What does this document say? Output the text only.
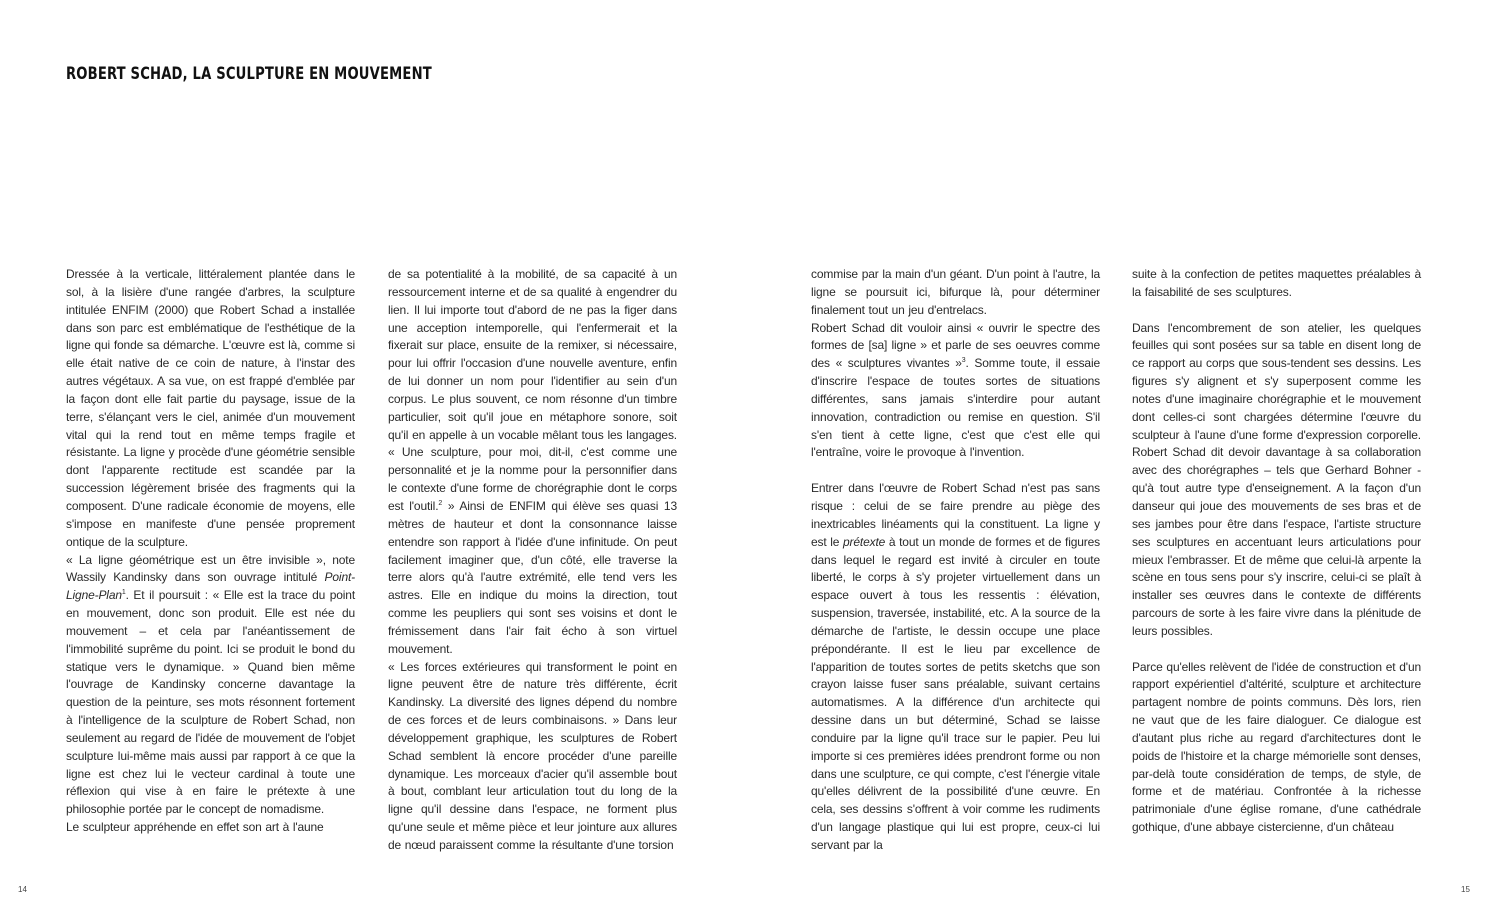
ROBERT SCHAD, LA SCULPTURE EN MOUVEMENT

Dressée à la verticale, littéralement plantée dans le sol, à la lisière d'une rangée d'arbres, la sculpture intitulée ENFIM (2000) que Robert Schad a installée dans son parc est emblématique de l'esthétique de la ligne qui fonde sa démarche. L'œuvre est là, comme si elle était native de ce coin de nature, à l'instar des autres végétaux. A sa vue, on est frappé d'emblée par la façon dont elle fait partie du paysage, issue de la terre, s'élançant vers le ciel, animée d'un mouvement vital qui la rend tout en même temps fragile et résistante. La ligne y procède d'une géométrie sensible dont l'apparente rectitude est scandée par la succession légèrement brisée des fragments qui la composent. D'une radicale économie de moyens, elle s'impose en manifeste d'une pensée proprement ontique de la sculpture.

« La ligne géométrique est un être invisible », note Wassily Kandinsky dans son ouvrage intitulé Point-Ligne-Plan$^1$. Et il poursuit : « Elle est la trace du point en mouvement, donc son produit. Elle est née du mouvement – et cela par l'anéantissement de l'immobilité suprême du point. Ici se produit le bond du statique vers le dynamique. » Quand bien même l'ouvrage de Kandinsky concerne davantage la question de la peinture, ses mots résonnent fortement à l'intelligence de la sculpture de Robert Schad, non seulement au regard de l'idée de mouvement de l'objet sculpture lui-même mais aussi par rapport à ce que la ligne est chez lui le vecteur cardinal à toute une réflexion qui vise à en faire le prétexte à une philosophie portée par le concept de nomadisme.

Le sculpteur appréhende en effet son art à l'aune

de sa potentialité à la mobilité, de sa capacité à un ressourcement interne et de sa qualité à engendrer du lien. Il lui importe tout d'abord de ne pas la figer dans une acception intemporelle, qui l'enfermerait et la fixerait sur place, ensuite de la remixer, si nécessaire, pour lui offrir l'occasion d'une nouvelle aventure, enfin de lui donner un nom pour l'identifier au sein d'un corpus. Le plus souvent, ce nom résonne d'un timbre particulier, soit qu'il joue en métaphore sonore, soit qu'il en appelle à un vocable mêlant tous les langages. « Une sculpture, pour moi, dit-il, c'est comme une personnalité et je la nomme pour la personnifier dans le contexte d'une forme de chorégraphie dont le corps est l'outil.$^2$ » Ainsi de ENFIM qui élève ses quasi 13 mètres de hauteur et dont la consonnance laisse entendre son rapport à l'idée d'une infinitude. On peut facilement imaginer que, d'un côté, elle traverse la terre alors qu'à l'autre extrémité, elle tend vers les astres. Elle en indique du moins la direction, tout comme les peupliers qui sont ses voisins et dont le frémissement dans l'air fait écho à son virtuel mouvement.

« Les forces extérieures qui transforment le point en ligne peuvent être de nature très différente, écrit Kandinsky. La diversité des lignes dépend du nombre de ces forces et de leurs combinaisons. » Dans leur développement graphique, les sculptures de Robert Schad semblent là encore procéder d'une pareille dynamique. Les morceaux d'acier qu'il assemble bout à bout, comblant leur articulation tout du long de la ligne qu'il dessine dans l'espace, ne forment plus qu'une seule et même pièce et leur jointure aux allures de nœud paraissent comme la résultante d'une torsion

commise par la main d'un géant. D'un point à l'autre, la ligne se poursuit ici, bifurque là, pour déterminer finalement tout un jeu d'entrelacs.

Robert Schad dit vouloir ainsi « ouvrir le spectre des formes de [sa] ligne » et parle de ses oeuvres comme des « sculptures vivantes »$^3$. Somme toute, il essaie d'inscrire l'espace de toutes sortes de situations différentes, sans jamais s'interdire pour autant innovation, contradiction ou remise en question. S'il s'en tient à cette ligne, c'est que c'est elle qui l'entraîne, voire le provoque à l'invention.

Entrer dans l'œuvre de Robert Schad n'est pas sans risque : celui de se faire prendre au piège des inextricables linéaments qui la constituent. La ligne y est le prétexte à tout un monde de formes et de figures dans lequel le regard est invité à circuler en toute liberté, le corps à s'y projeter virtuellement dans un espace ouvert à tous les ressentis : élévation, suspension, traversée, instabilité, etc. A la source de la démarche de l'artiste, le dessin occupe une place prépondérante. Il est le lieu par excellence de l'apparition de toutes sortes de petits sketchs que son crayon laisse fuser sans préalable, suivant certains automatismes. A la différence d'un architecte qui dessine dans un but déterminé, Schad se laisse conduire par la ligne qu'il trace sur le papier. Peu lui importe si ces premières idées prendront forme ou non dans une sculpture, ce qui compte, c'est l'énergie vitale qu'elles délivrent de la possibilité d'une œuvre. En cela, ses dessins s'offrent à voir comme les rudiments d'un langage plastique qui lui est propre, ceux-ci lui servant par la

suite à la confection de petites maquettes préalables à la faisabilité de ses sculptures.

Dans l'encombrement de son atelier, les quelques feuilles qui sont posées sur sa table en disent long de ce rapport au corps que sous-tendent ses dessins. Les figures s'y alignent et s'y superposent comme les notes d'une imaginaire chorégraphie et le mouvement dont celles-ci sont chargées détermine l'œuvre du sculpteur à l'aune d'une forme d'expression corporelle. Robert Schad dit devoir davantage à sa collaboration avec des chorégraphes – tels que Gerhard Bohner - qu'à tout autre type d'enseignement. A la façon d'un danseur qui joue des mouvements de ses bras et de ses jambes pour être dans l'espace, l'artiste structure ses sculptures en accentuant leurs articulations pour mieux l'embrasser. Et de même que celui-là arpente la scène en tous sens pour s'y inscrire, celui-ci se plaît à installer ses œuvres dans le contexte de différents parcours de sorte à les faire vivre dans la plénitude de leurs possibles.

Parce qu'elles relèvent de l'idée de construction et d'un rapport expérientiel d'altérité, sculpture et architecture partagent nombre de points communs. Dès lors, rien ne vaut que de les faire dialoguer. Ce dialogue est d'autant plus riche au regard d'architectures dont le poids de l'histoire et la charge mémorielle sont denses, par-delà toute considération de temps, de style, de forme et de matériau. Confrontée à la richesse patrimoniale d'une église romane, d'une cathédrale gothique, d'une abbaye cistercienne, d'un château

14	15
